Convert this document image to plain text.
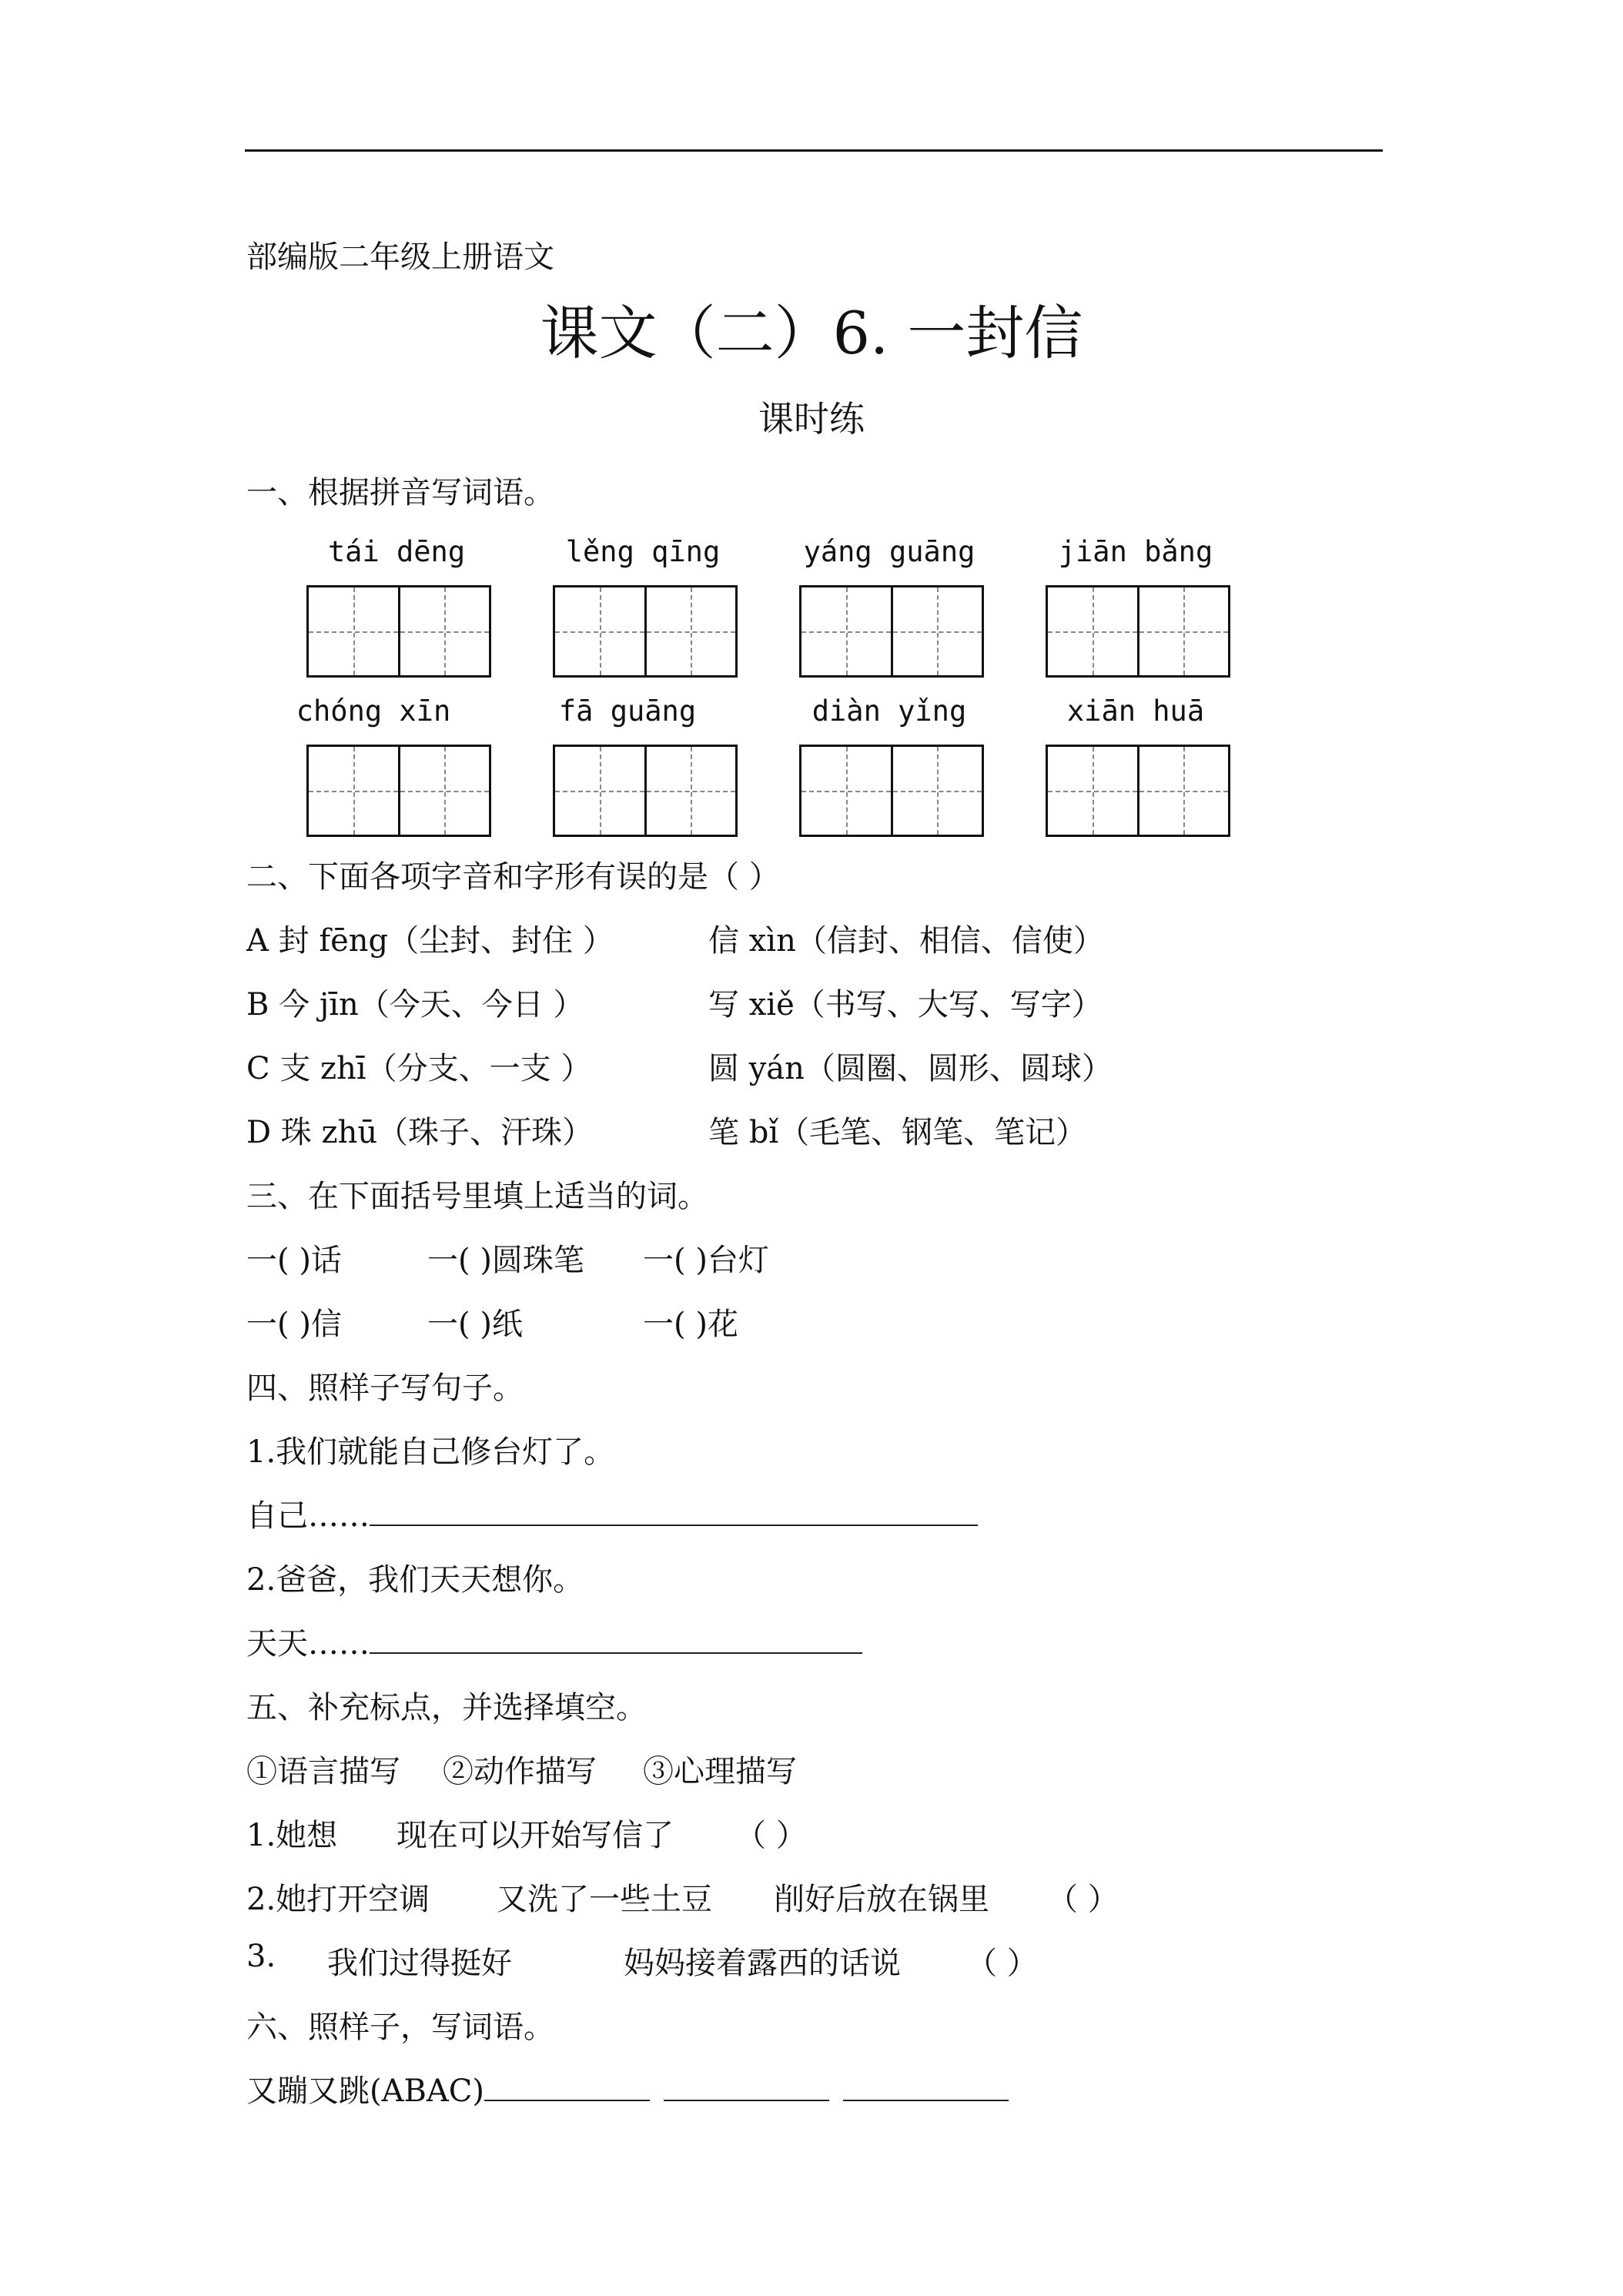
部编版二年级上册语文
课文（二）6. 一封信
课时练
一、根据拼音写词语。
tái dēng	lěng qīng	yáng guāng	jiān bǎng
chóng xīn	fā guāng	diàn yǐng	xiān huā
二、下面各项字音和字形有误的是（ ）
A 封 fēng（尘封、封住 ）	信 xìn（信封、相信、信使）
B 今 jīn（今天、今日 ）	写 xiě（书写、大写、写字）
C 支 zhī（分支、一支 ）	圆 yán（圆圈、圆形、圆球）
D 珠 zhū（珠子、汗珠）	笔 bǐ（毛笔、钢笔、笔记）
三、在下面括号里填上适当的词。
一( )话	一( )圆珠笔 一( )台灯
一( )信	一( )纸	一( )花
四、照样子写句子。
1.我们就能自己修台灯了。
自己……
2.爸爸，我们天天想你。
天天……
五、补充标点，并选择填空。
①语言描写 ②动作描写 ③心理描写
1.她想 现在可以开始写信了 （ ）
2.她打开空调 又洗了一些土豆 削好后放在锅里 （ ）
3. 我们过得挺好	妈妈接着露西的话说 （ ）
六、照样子，写词语。
又蹦又跳(ABAC)
